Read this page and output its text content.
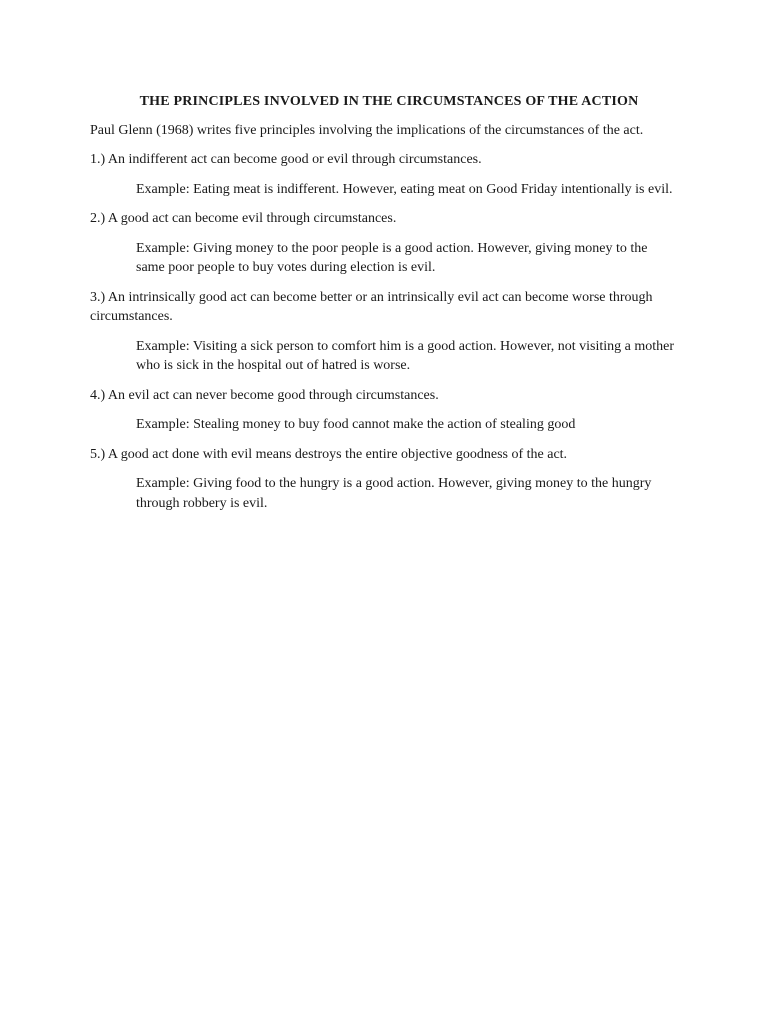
THE PRINCIPLES INVOLVED IN THE CIRCUMSTANCES OF THE ACTION
Paul Glenn (1968) writes five principles involving the implications of the circumstances of the act.
1.) An indifferent act can become good or evil through circumstances.
Example: Eating meat is indifferent. However, eating meat on Good Friday intentionally is evil.
2.) A good act can become evil through circumstances.
Example: Giving money to the poor people is a good action. However, giving money to the same poor people to buy votes during election is evil.
3.) An intrinsically good act can become better or an intrinsically evil act can become worse through circumstances.
Example: Visiting a sick person to comfort him is a good action. However, not visiting a mother who is sick in the hospital out of hatred is worse.
4.) An evil act can never become good through circumstances.
Example: Stealing money to buy food cannot make the action of stealing good
5.) A good act done with evil means destroys the entire objective goodness of the act.
Example: Giving food to the hungry is a good action. However, giving money to the hungry through robbery is evil.
